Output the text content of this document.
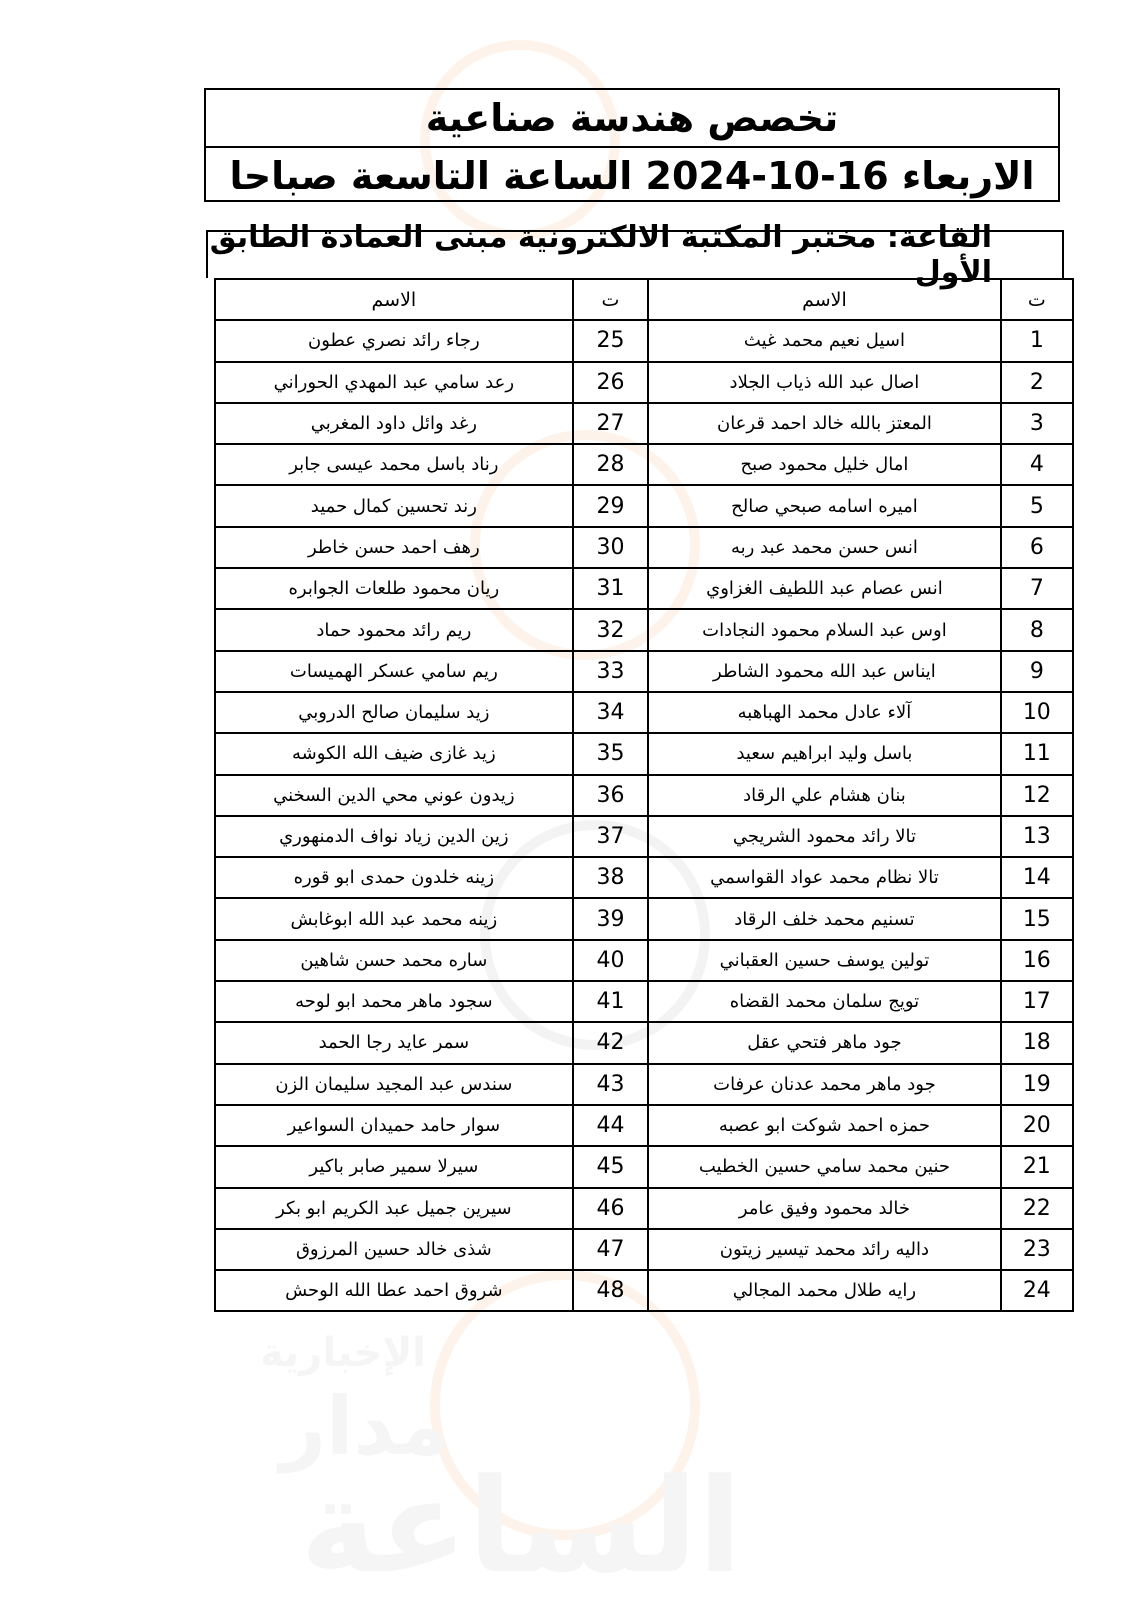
مدار
الساعة
الإخبارية
تخصص هندسة صناعية
الاربعاء 16-10-2024 الساعة التاسعة صباحا
القاعة: مختبر المكتبة الالكترونية مبنى العمادة الطابق الأول
ت	الاسم	ت	الاسم
1	اسيل نعيم محمد غيث	25	رجاء رائد نصري عطون
2	اصال عبد الله ذياب الجلاد	26	رعد سامي عبد المهدي الحوراني
3	المعتز بالله خالد احمد قرعان	27	رغد وائل داود المغربي
4	امال خليل محمود صبح	28	رناد باسل محمد عيسى جابر
5	اميره اسامه صبحي صالح	29	رند تحسين كمال حميد
6	انس حسن محمد عبد ربه	30	رهف احمد حسن خاطر
7	انس عصام عبد اللطيف الغزاوي	31	ريان محمود طلعات الجوابره
8	اوس عبد السلام محمود النجادات	32	ريم رائد محمود حماد
9	ايناس عبد الله محمود الشاطر	33	ريم سامي عسكر الهميسات
10	آلاء عادل محمد الهباهبه	34	زيد سليمان صالح الدروبي
11	باسل وليد ابراهيم سعيد	35	زيد غازى ضيف الله الكوشه
12	بنان هشام علي الرقاد	36	زيدون عوني محي الدين السخني
13	تالا رائد محمود الشريجي	37	زين الدين زياد نواف الدمنهوري
14	تالا نظام محمد عواد القواسمي	38	زينه خلدون حمدى ابو قوره
15	تسنيم محمد خلف الرقاد	39	زينه محمد عبد الله ابوغابش
16	تولين يوسف حسين العقباني	40	ساره محمد حسن شاهين
17	تويج سلمان محمد القضاه	41	سجود ماهر محمد ابو لوحه
18	جود ماهر فتحي عقل	42	سمر عايد رجا الحمد
19	جود ماهر محمد عدنان عرفات	43	سندس عبد المجيد سليمان الزن
20	حمزه احمد شوكت ابو عصبه	44	سوار حامد حميدان السواعير
21	حنين محمد سامي حسين الخطيب	45	سيرلا سمير صابر باكير
22	خالد محمود وفيق عامر	46	سيرين جميل عبد الكريم ابو بكر
23	داليه رائد محمد تيسير زيتون	47	شذى خالد حسين المرزوق
24	رايه طلال محمد المجالي	48	شروق احمد عطا الله الوحش
